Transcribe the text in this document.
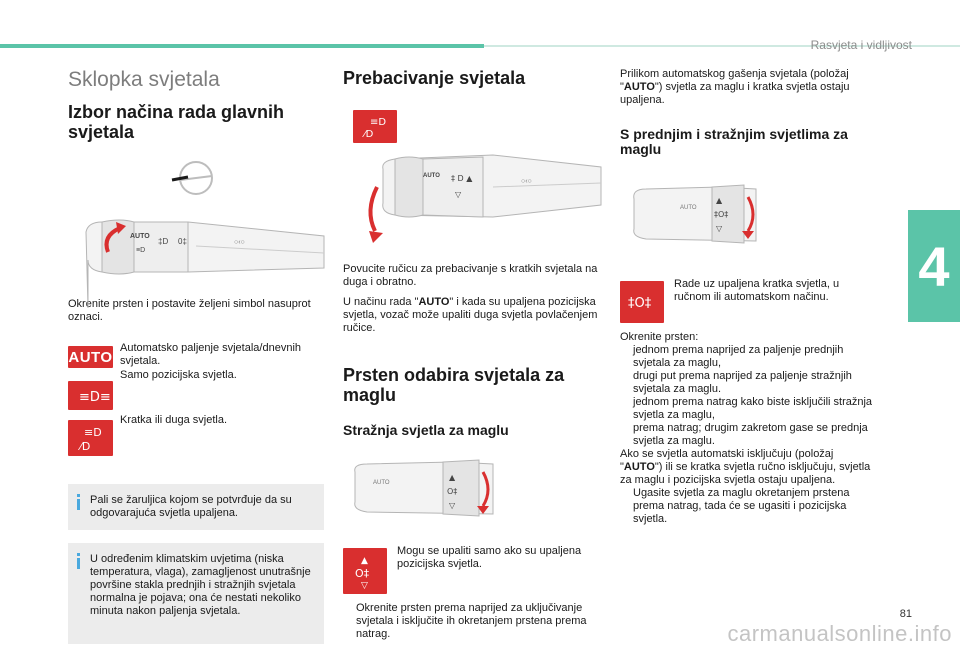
Rasvjeta i vidljivost
4
81
carmanualsonline.info
Sklopka svjetala
Izbor načina rada glavnih svjetala
AUTO
≡D
‡D 0‡	○‹○
Okrenite prsten i postavite željeni simbol nasuprot oznaci.
AUTO
Automatsko paljenje svjetala/dnevnih svjetala.
≡D≡
Samo pozicijska svjetla.
≡D
⁄D
Kratka ili duga svjetla.
Pali se žaruljica kojom se potvrđuje da su odgovarajuća svjetla upaljena.
U određenim klimatskim uvjetima (niska temperatura, vlaga), zamagljenost unutrašnje površine stakla prednjih i stražnjih svjetala normalna je pojava; ona će nestati nekoliko minuta nakon paljenja svjetala.
Prebacivanje svjetala
≡D
⁄D
AUTO ‡ D ▲
▽
○‹○
Povucite ručicu za prebacivanje s kratkih svjetala na duga i obratno.
U načinu rada "AUTO" i kada su upaljena pozicijska svjetla, vozač može upaliti duga svjetla povlačenjem ručice.
Prsten odabira svjetala za maglu
Stražnja svjetla za maglu
AUTO
▲
O‡
▽
▲
O‡
▽
Mogu se upaliti samo ako su upaljena pozicijska svjetla.
Okrenite prsten prema naprijed za uključivanje svjetala i isključite ih okretanjem prstena prema natrag.
Prilikom automatskog gašenja svjetala (položaj "AUTO") svjetla za maglu i kratka svjetla ostaju upaljena.
S prednjim i stražnjim svjetlima za maglu
AUTO
▲
‡O‡
▽
‡O‡
Rade uz upaljena kratka svjetla, u ručnom ili automatskom načinu.
Okrenite prsten:
jednom prema naprijed za paljenje prednjih svjetala za maglu,
drugi put prema naprijed za paljenje stražnjih svjetala za maglu.
jednom prema natrag kako biste isključili stražnja svjetla za maglu,
prema natrag; drugim zakretom gase se prednja svjetla za maglu.
Ako se svjetla automatski isključuju (položaj "AUTO") ili se kratka svjetla ručno isključuju, svjetla za maglu i pozicijska svjetla ostaju upaljena.
Ugasite svjetla za maglu okretanjem prstena prema natrag, tada će se ugasiti i pozicijska svjetla.
